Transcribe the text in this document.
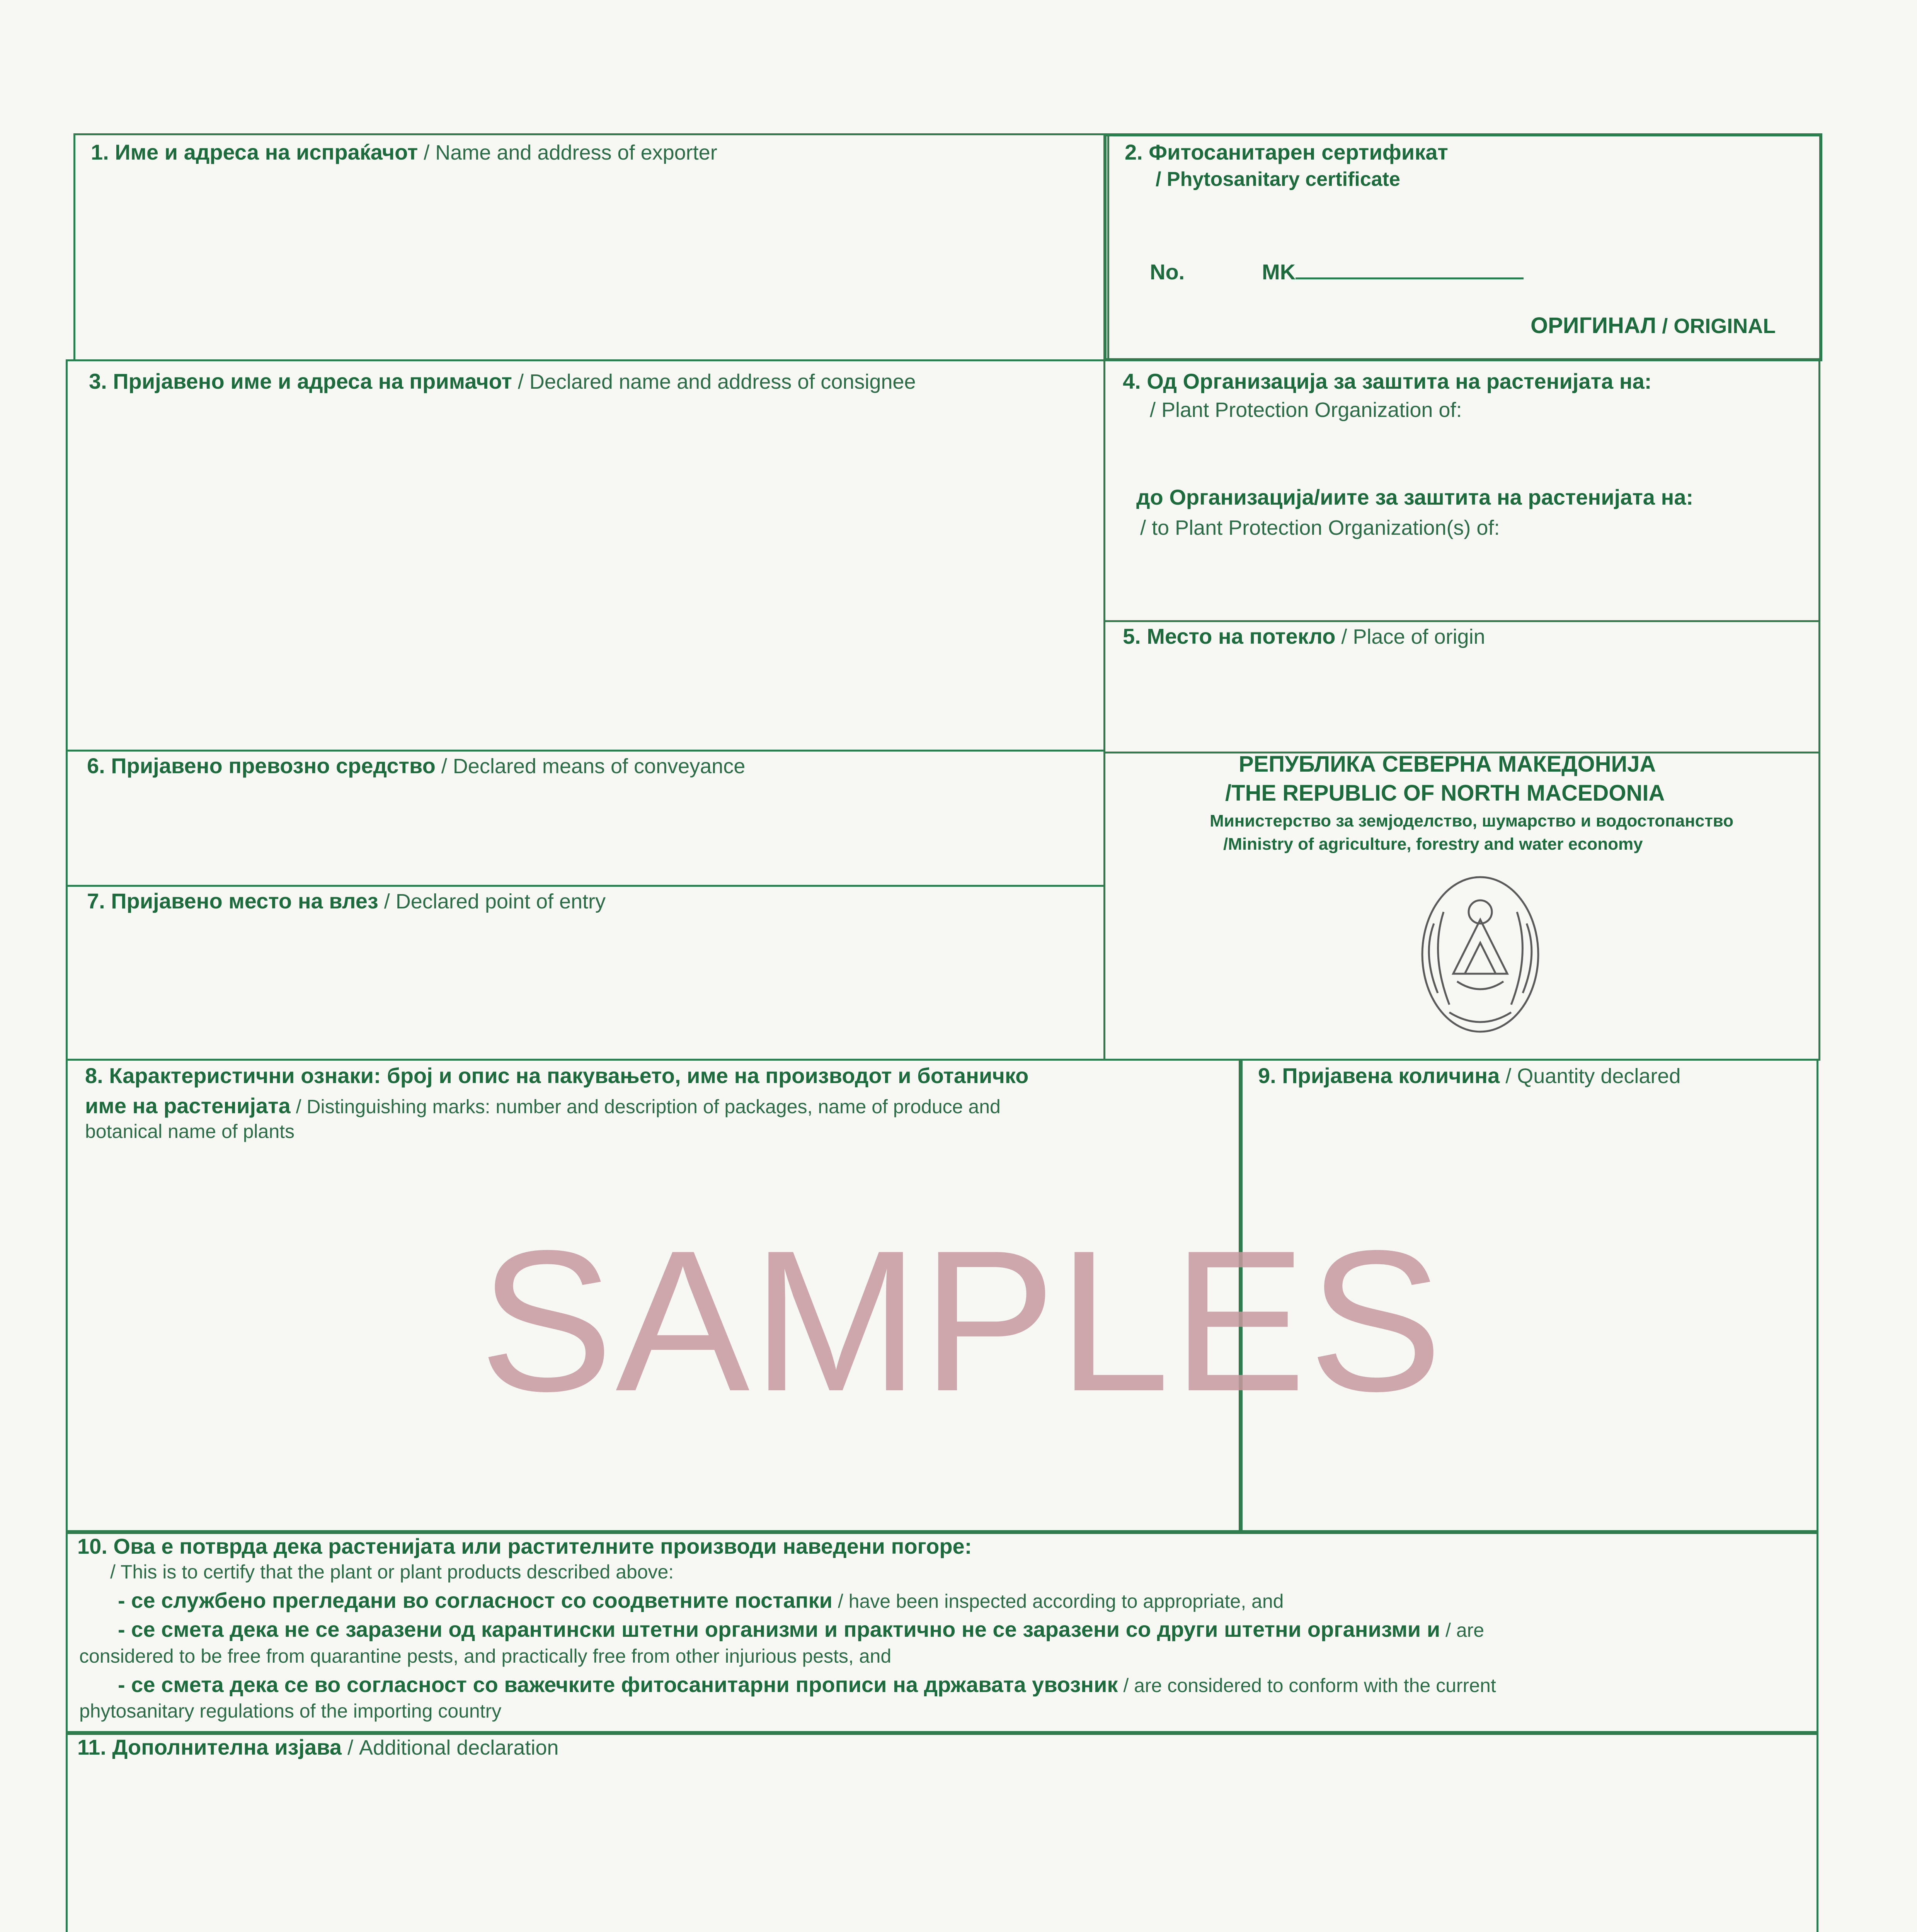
1. Име и адреса на испраќачот / Name and address of exporter	2. Фитосанитарен сертификат
/ Phytosanitary certificate
No.	MK
ОРИГИНАЛ / ORIGINAL
3. Пријавено име и адреса на примачот / Declared name and address of consignee	4. Од Организација за заштита на растенијата на:
/ Plant Protection Organization of:
до Организација/иите за заштита на растенијата на:
/ to Plant Protection Organization(s) of:
5. Место на потекло / Place of origin
6. Пријавено превозно средство / Declared means of conveyance
7. Пријавено место на влез / Declared point of entry
РЕПУБЛИКА СЕВЕРНА МАКЕДОНИЈА
/THE REPUBLIC OF NORTH MACEDONIA
Министерство за земјоделство, шумарство и водостопанство
/Ministry of agriculture, forestry and water economy
8. Карактеристични ознаки: број и опис на пакувањето, име на производот и ботаничко
име на растенијата / Distinguishing marks: number and description of packages, name of produce and
botanical name of plants
9. Пријавена количина / Quantity declared
SAMPLES
10. Ова е потврда дека растенијата или растителните производи наведени погоре:
/ This is to certify that the plant or plant products described above:
- се службено прегледани во согласност со соодветните постапки / have been inspected according to appropriate, and
- се смета дека не се заразени од карантински штетни организми и практично не се заразени со други штетни организми и / are
considered to be free from quarantine pests, and practically free from other injurious pests, and
- се смета дека се во согласност со важечките фитосанитарни прописи на државата увозник / are considered to conform with the current
phytosanitary regulations of the importing country
11. Дополнителна изјава / Additional declaration
